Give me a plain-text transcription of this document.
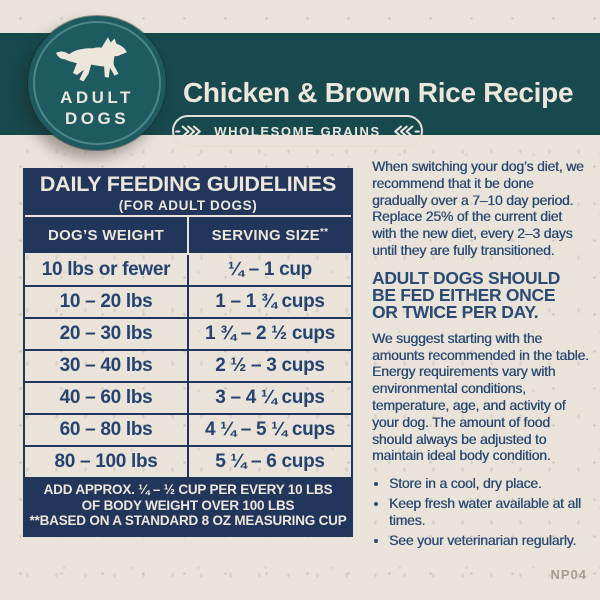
Chicken & Brown Rice Recipe
WHOLESOME GRAINS
ADULT
DOGS
DAILY FEEDING GUIDELINES
(FOR ADULT DOGS)
DOG’S WEIGHT	SERVING SIZE**
10 lbs or fewer	¼ – 1 cup
10 – 20 lbs	1 – 1 ¾ cups
20 – 30 lbs	1 ¾ – 2 ½ cups
30 – 40 lbs	2 ½ – 3 cups
40 – 60 lbs	3 – 4 ¼ cups
60 – 80 lbs	4 ¼ – 5 ¼ cups
80 – 100 lbs	5 ¼ – 6 cups
ADD APPROX. ¼ – ½ CUP PER EVERY 10 LBS
OF BODY WEIGHT OVER 100 LBS
**BASED ON A STANDARD 8 OZ MEASURING CUP

When switching your dog’s diet, we recommend that it be done gradually over a 7–10 day period. Replace 25% of the current diet with the new diet, every 2–3 days until they are fully transitioned.

ADULT DOGS SHOULD BE FED EITHER ONCE OR TWICE PER DAY.

We suggest starting with the amounts recommended in the table. Energy requirements vary with environmental conditions, temperature, age, and activity of your dog. The amount of food should always be adjusted to maintain ideal body condition.

• Store in a cool, dry place.
• Keep fresh water available at all times.
• See your veterinarian regularly.
NP04
